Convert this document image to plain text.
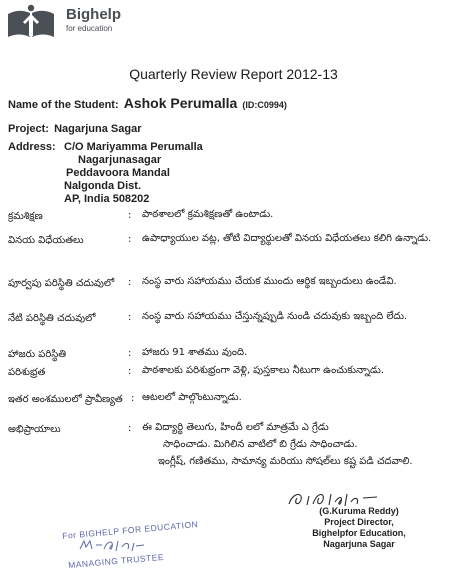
Bighelp
for education
Quarterly Review Report 2012-13
Name of the Student: Ashok Perumalla (ID:C0994)
Project: Nagarjuna Sagar
Address: C/O Mariyamma Perumalla
Nagarjunasagar
Peddavoora Mandal
Nalgonda Dist.
AP, India 508202
క్రమశిక్షణ	: పాఠశాలలో క్రమశిక్షణతో ఉంటాడు.
వినయ విధేయతలు	: ఉపాధ్యాయుల వట్ల, తోటి విద్యార్థులతో వినయ విధేయతలు కలిగి ఉన్నాడు.
పూర్వపు పరిస్థితి చదువులో : నంస్థ వారు సహాయము చేయక ముందు ఆర్థిక ఇబ్బందులు ఉండేవి.
నేటి పరిస్థితి చదువులో	: నంస్థ వారు సహాయము చేస్తున్నప్పుడి నుండి చదువుకు ఇబ్బంది లేదు.
హాజరు పరిస్థితి	: హాజరు 91 శాతము వుంది.
పరిశుభ్రత	: పాఠశాలకు పరిశుభ్రంగా వెళ్లి, పుస్తకాలు నీటుగా ఉంచుకున్నాడు.
ఇతర అంశములలో ప్రావీణ్యత : ఆటలలో పాల్గొంటున్నాడు.
అభిప్రాయాలు	: ఈ విద్యార్థి తెలుగు, హిందీ లలో మాత్రమే ఎ గ్రేడు
సాధించాడు. మిగిలిన వాటిలో బి గ్రేడు సాధించాడు.
ఇంగ్లీష్, గణితము, సామాన్య మరియు సోషల్‌లు కష్ట పడి చదవాలి.
(G.Kuruma Reddy)
Project Director,
Bighelpfor Education,
Nagarjuna Sagar
For BIGHELP FOR EDUCATION
MANAGING TRUSTEE
